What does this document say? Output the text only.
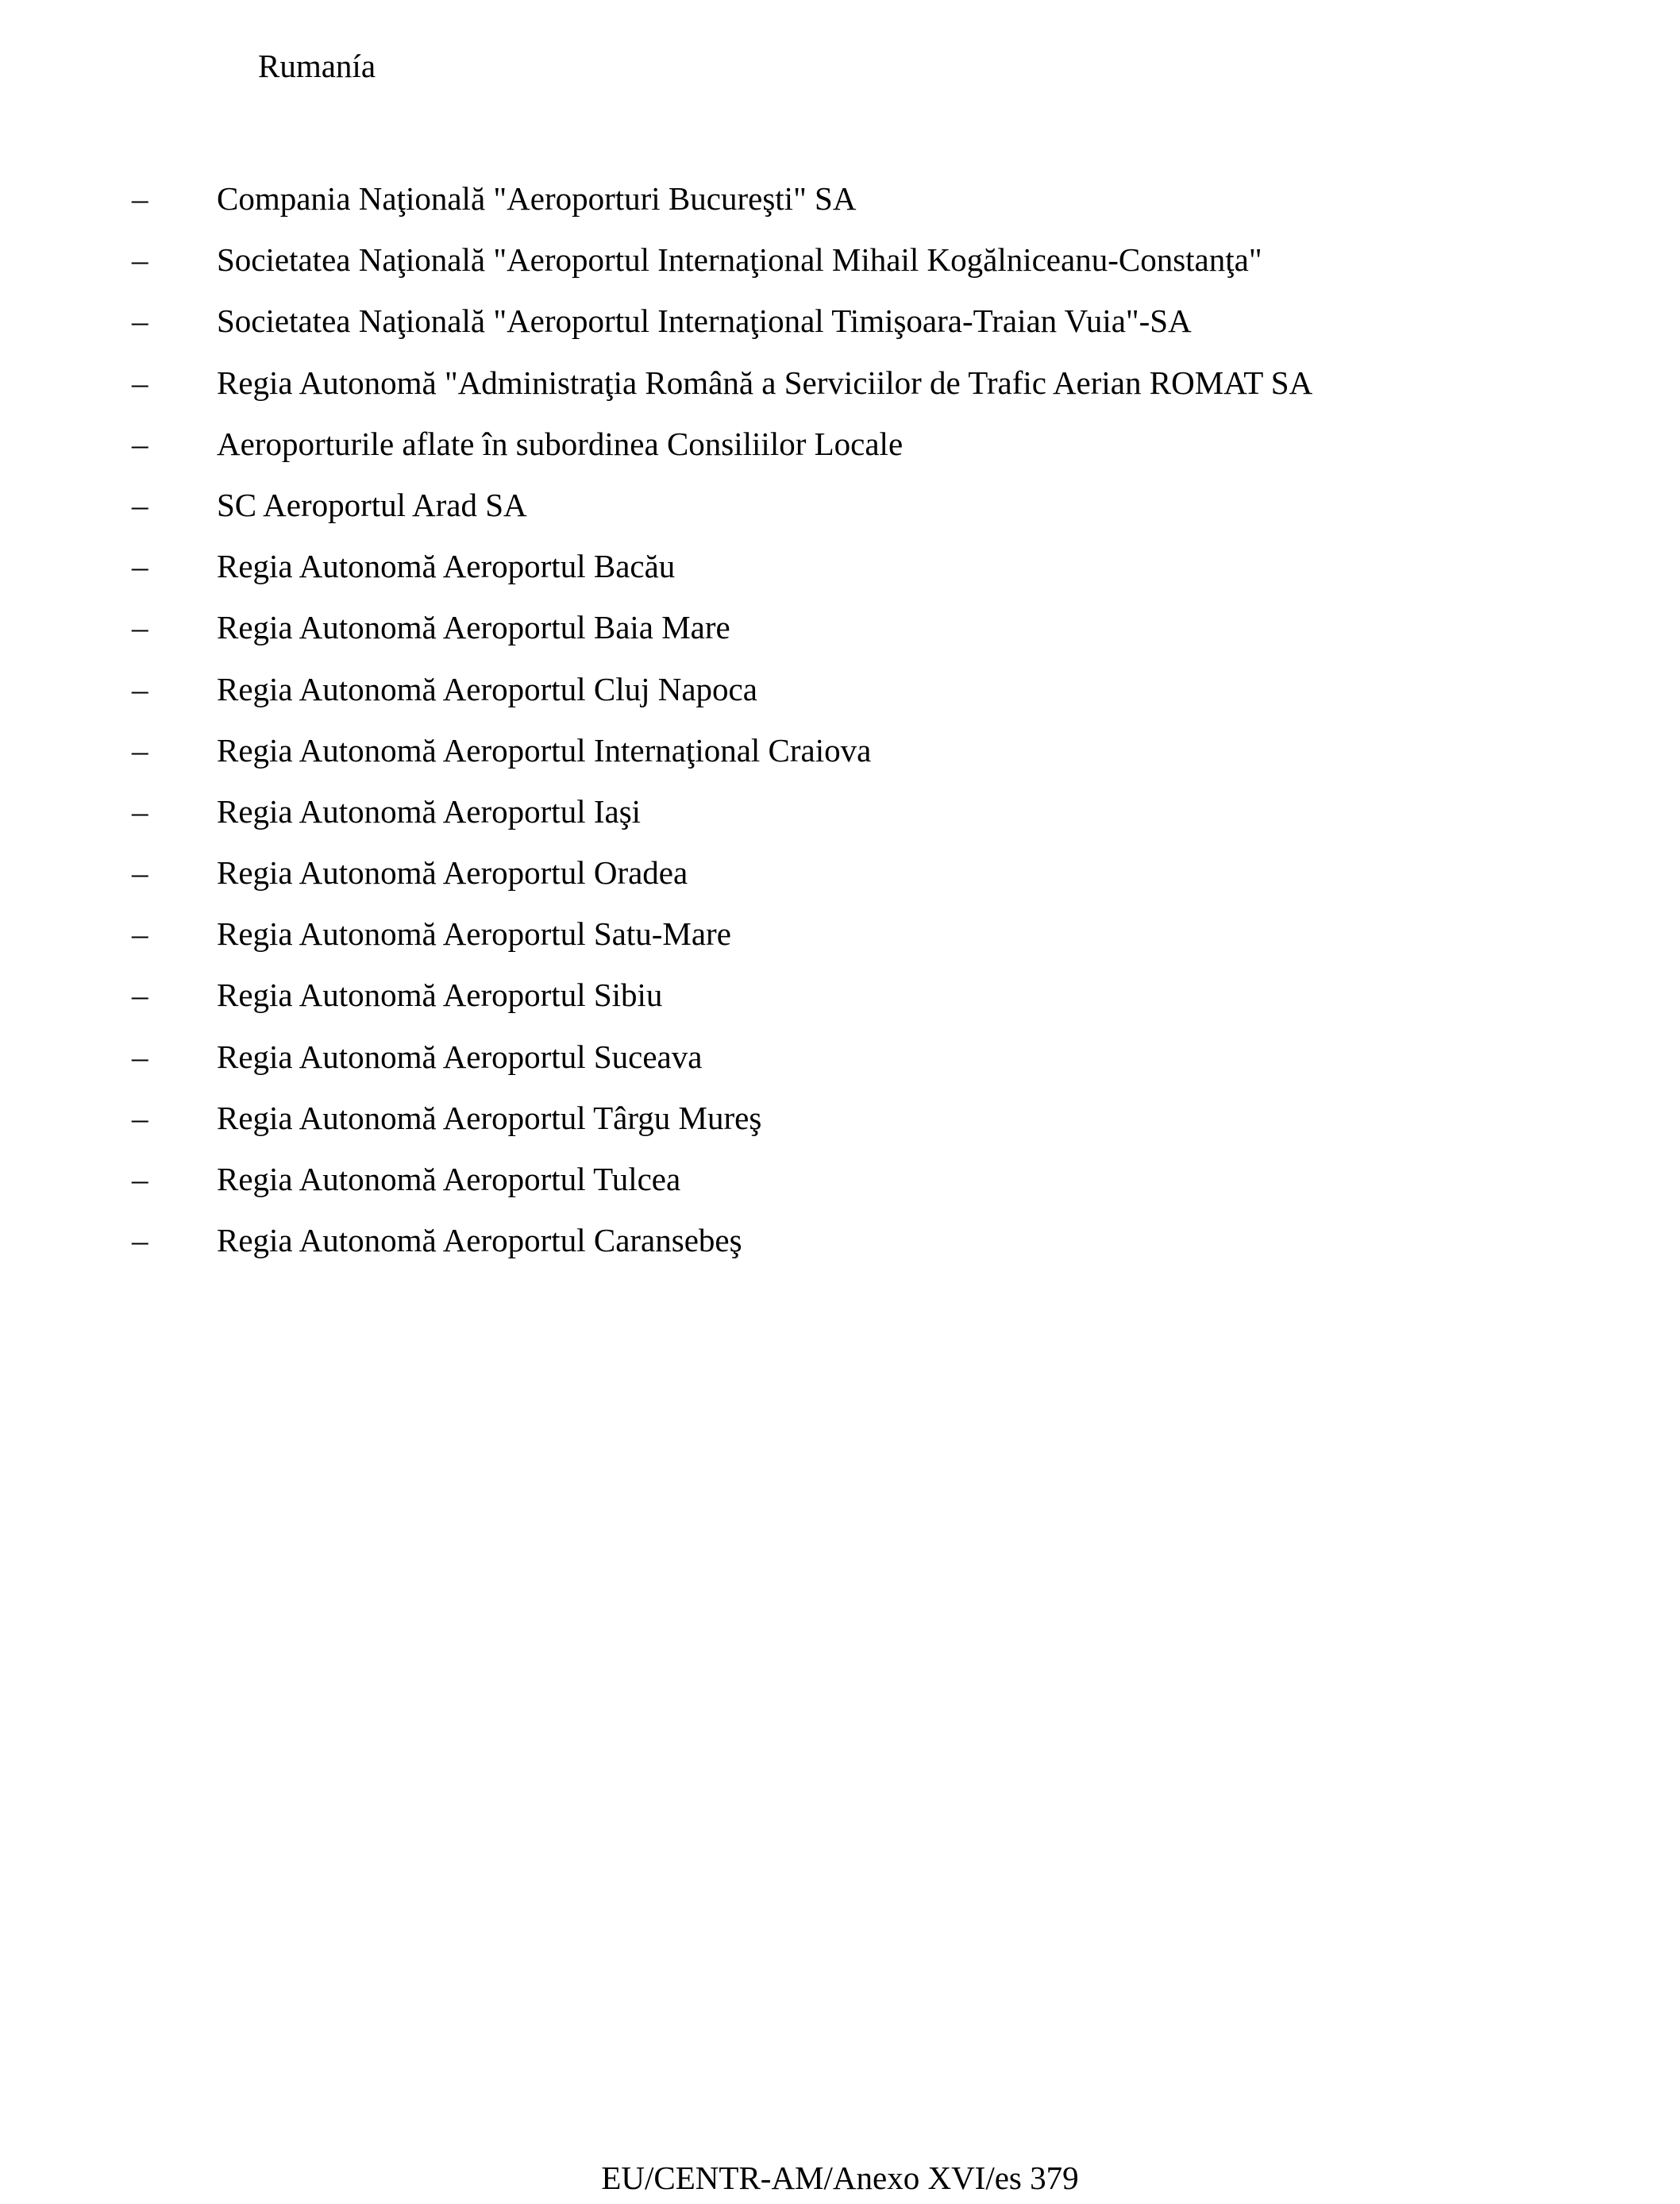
Rumanía
– Compania Naţională "Aeroporturi Bucureşti" SA
– Societatea Naţională "Aeroportul Internaţional Mihail Kogălniceanu-Constanţa"
– Societatea Naţională "Aeroportul Internaţional Timişoara-Traian Vuia"-SA
– Regia Autonomă "Administraţia Română a Serviciilor de Trafic Aerian ROMAT SA
– Aeroporturile aflate în subordinea Consiliilor Locale
– SC Aeroportul Arad SA
– Regia Autonomă Aeroportul Bacău
– Regia Autonomă Aeroportul Baia Mare
– Regia Autonomă Aeroportul Cluj Napoca
– Regia Autonomă Aeroportul Internaţional Craiova
– Regia Autonomă Aeroportul Iaşi
– Regia Autonomă Aeroportul Oradea
– Regia Autonomă Aeroportul Satu-Mare
– Regia Autonomă Aeroportul Sibiu
– Regia Autonomă Aeroportul Suceava
– Regia Autonomă Aeroportul Târgu Mureş
– Regia Autonomă Aeroportul Tulcea
– Regia Autonomă Aeroportul Caransebeş
EU/CENTR-AM/Anexo XVI/es 379
